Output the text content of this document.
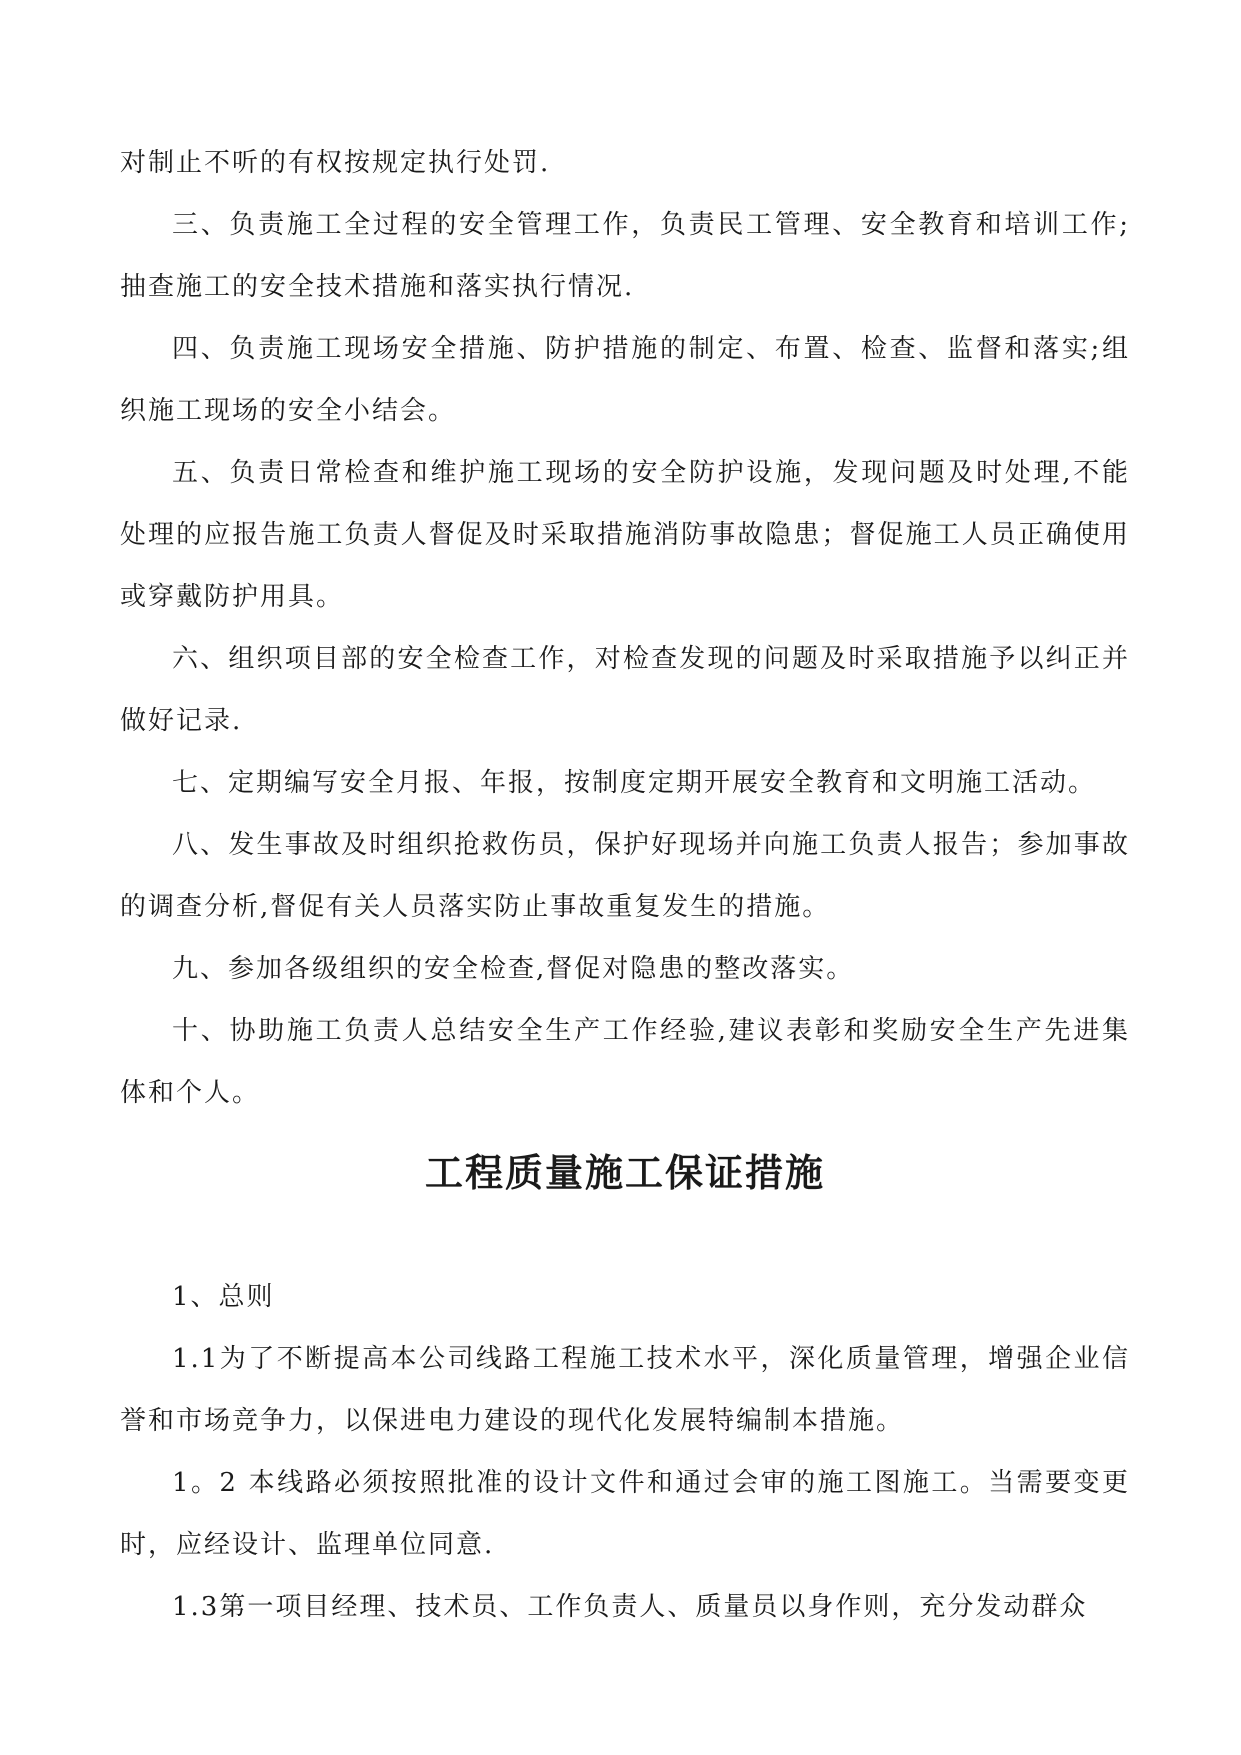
对制止不听的有权按规定执行处罚.

三、负责施工全过程的安全管理工作，负责民工管理、安全教育和培训工作;抽查施工的安全技术措施和落实执行情况.

四、负责施工现场安全措施、防护措施的制定、布置、检查、监督和落实;组织施工现场的安全小结会。

五、负责日常检查和维护施工现场的安全防护设施，发现问题及时处理,不能处理的应报告施工负责人督促及时采取措施消防事故隐患；督促施工人员正确使用或穿戴防护用具。

六、组织项目部的安全检查工作，对检查发现的问题及时采取措施予以纠正并做好记录.

七、定期编写安全月报、年报，按制度定期开展安全教育和文明施工活动。

八、发生事故及时组织抢救伤员，保护好现场并向施工负责人报告；参加事故的调查分析,督促有关人员落实防止事故重复发生的措施。

九、参加各级组织的安全检查,督促对隐患的整改落实。

十、协助施工负责人总结安全生产工作经验,建议表彰和奖励安全生产先进集体和个人。

工程质量施工保证措施

1、总则

1.1为了不断提高本公司线路工程施工技术水平，深化质量管理，增强企业信誉和市场竞争力，以保进电力建设的现代化发展特编制本措施。

1。2 本线路必须按照批准的设计文件和通过会审的施工图施工。当需要变更时，应经设计、监理单位同意.

1.3第一项目经理、技术员、工作负责人、质量员以身作则，充分发动群众
